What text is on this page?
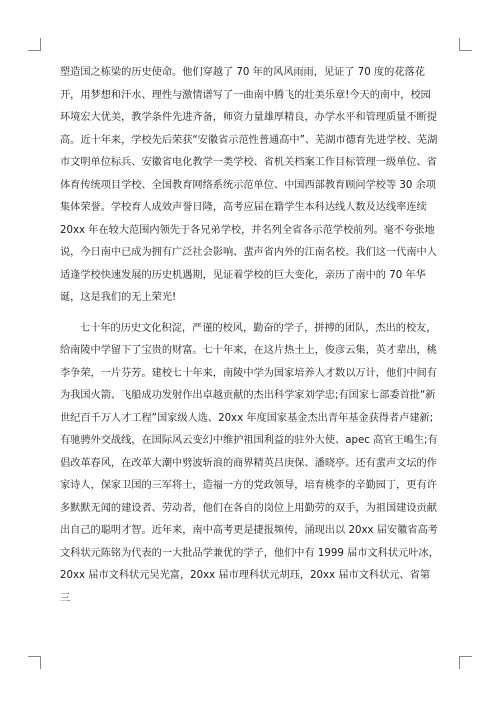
塑造国之栋梁的历史使命。他们穿越了 70 年的风风雨雨，见证了 70 度的花落花开，用梦想和汗水、理性与激情谱写了一曲南中腾飞的壮美乐章!今天的南中，校园环境宏大优美，教学条件先进齐备，师资力量雄厚精良，办学水平和管理质量不断提高。近十年来，学校先后荣获“安徽省示范性普通高中”、芜湖市德育先进学校、芜湖市文明单位标兵、安徽省电化教学一类学校、省机关档案工作目标管理一级单位、省体育传统项目学校、全国教育网络系统示范单位、中国西部教育顾问学校等 30 余项集体荣誉。学校育人成效声誉日隆，高考应届在籍学生本科达线人数及达线率连续 20xx 年在较大范围内领先于各兄弟学校，并名列全省各示范学校前列。毫不夸张地说，今日南中已成为拥有广泛社会影响、蜚声省内外的江南名校。我们这一代南中人适逢学校快速发展的历史机遇期，见证着学校的巨大变化，亲历了南中的 70 年华诞，这是我们的无上荣光!

七十年的历史文化积淀，严谨的校风，勤奋的学子，拼搏的团队，杰出的校友，给南陵中学留下了宝贵的财富。七十年来，在这片热土上，俊彦云集，英才辈出，桃李争荣，一片芬芳。建校七十年来，南陵中学为国家培养人才数以万计，他们中间有为我国火箭、飞船成功发射作出卓越贡献的杰出科学家刘学忠;有国家七部委首批“新世纪百千万人才工程”国家级人选、20xx 年度国家基金杰出青年基金获得者卢建新;有驰骋外交战线，在国际风云变幻中维护祖国利益的驻外大使、apec 高官王嶋生;有倡改革春风，在改革大潮中劈波斩浪的商界精英吕庚保、潘晓亭。还有蜚声文坛的作家诗人，保家卫国的三军将士，造福一方的党政领导，培育桃李的辛勤园丁，更有许多默默无闻的建设者、劳动者，他们在各自的岗位上用勤劳的双手，为祖国建设贡献出自己的聪明才智。近年来，南中高考更是捷报频传，涌现出以 20xx 届安徽省高考文科状元陈铭为代表的一大批品学兼优的学子，他们中有 1999 届市文科状元叶冰，20xx 届市文科状元吴光富，20xx 届市理科状元胡珏，20xx 届市文科状元、省第三
